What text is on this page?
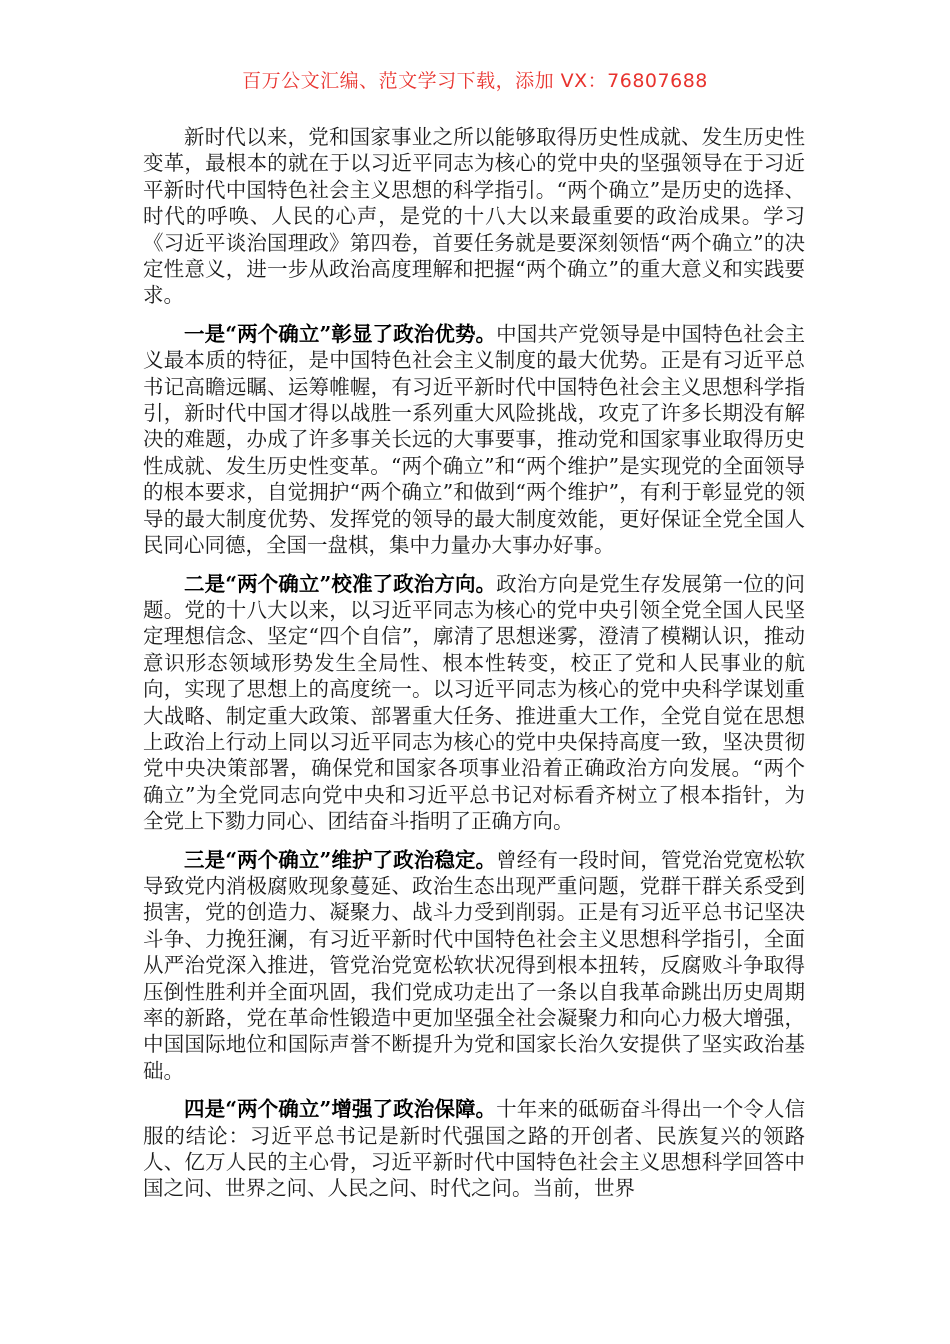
百万公文汇编、范文学习下载，添加 VX：76807688

新时代以来，党和国家事业之所以能够取得历史性成就、发生历史性变革，最根本的就在于以习近平同志为核心的党中央的坚强领导在于习近平新时代中国特色社会主义思想的科学指引。“两个确立”是历史的选择、时代的呼唤、人民的心声，是党的十八大以来最重要的政治成果。学习《习近平谈治国理政》第四卷，首要任务就是要深刻领悟“两个确立”的决定性意义，进一步从政治高度理解和把握“两个确立”的重大意义和实践要求。

一是“两个确立”彰显了政治优势。中国共产党领导是中国特色社会主义最本质的特征，是中国特色社会主义制度的最大优势。正是有习近平总书记高瞻远瞩、运筹帷幄，有习近平新时代中国特色社会主义思想科学指引，新时代中国才得以战胜一系列重大风险挑战，攻克了许多长期没有解决的难题，办成了许多事关长远的大事要事，推动党和国家事业取得历史性成就、发生历史性变革。“两个确立”和“两个维护”是实现党的全面领导的根本要求，自觉拥护“两个确立”和做到“两个维护”，有利于彰显党的领导的最大制度优势、发挥党的领导的最大制度效能，更好保证全党全国人民同心同德，全国一盘棋，集中力量办大事办好事。

二是“两个确立”校准了政治方向。政治方向是党生存发展第一位的问题。党的十八大以来，以习近平同志为核心的党中央引领全党全国人民坚定理想信念、坚定“四个自信”，廓清了思想迷雾，澄清了模糊认识，推动意识形态领域形势发生全局性、根本性转变，校正了党和人民事业的航向，实现了思想上的高度统一。以习近平同志为核心的党中央科学谋划重大战略、制定重大政策、部署重大任务、推进重大工作，全党自觉在思想上政治上行动上同以习近平同志为核心的党中央保持高度一致，坚决贯彻党中央决策部署，确保党和国家各项事业沿着正确政治方向发展。“两个确立”为全党同志向党中央和习近平总书记对标看齐树立了根本指针，为全党上下勠力同心、团结奋斗指明了正确方向。

三是“两个确立”维护了政治稳定。曾经有一段时间，管党治党宽松软导致党内消极腐败现象蔓延、政治生态出现严重问题，党群干群关系受到损害，党的创造力、凝聚力、战斗力受到削弱。正是有习近平总书记坚决斗争、力挽狂澜，有习近平新时代中国特色社会主义思想科学指引，全面从严治党深入推进，管党治党宽松软状况得到根本扭转，反腐败斗争取得压倒性胜利并全面巩固，我们党成功走出了一条以自我革命跳出历史周期率的新路，党在革命性锻造中更加坚强全社会凝聚力和向心力极大增强，中国国际地位和国际声誉不断提升为党和国家长治久安提供了坚实政治基础。

四是“两个确立”增强了政治保障。十年来的砥砺奋斗得出一个令人信服的结论：习近平总书记是新时代强国之路的开创者、民族复兴的领路人、亿万人民的主心骨，习近平新时代中国特色社会主义思想科学回答中国之问、世界之问、人民之问、时代之问。当前，世界
